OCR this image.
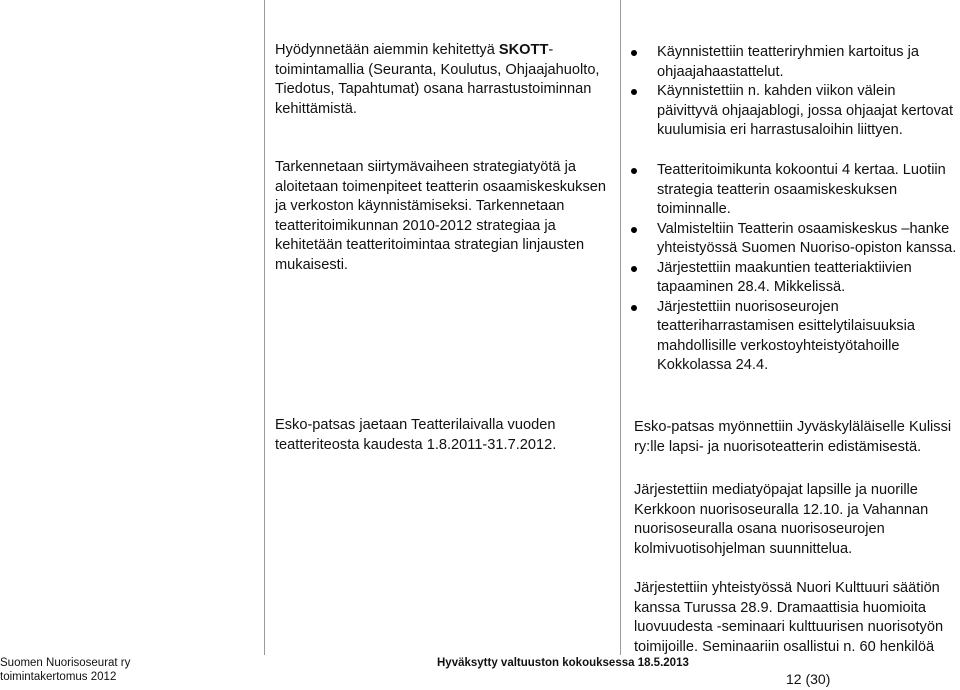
Hyödynnetään aiemmin kehitettyä SKOTT-
toimintamallia (Seuranta, Koulutus, Ohjaajahuolto,
Tiedotus, Tapahtumat) osana harrastustoiminnan
kehittämistä.
Tarkennetaan siirtymävaiheen strategiatyötä ja
aloitetaan toimenpiteet teatterin osaamiskeskuksen
ja verkoston käynnistämiseksi. Tarkennetaan
teatteritoimikunnan 2010-2012 strategiaa ja
kehitetään teatteritoimintaa strategian linjausten
mukaisesti.
Esko-patsas jaetaan Teatterilaivalla vuoden
teatteriteosta kaudesta 1.8.2011-31.7.2012.
Käynnistettiin teatteriryhmien kartoitus ja
ohjaajahaastattelut.
Käynnistettiin n. kahden viikon välein
päivittyvä ohjaajablogi, jossa ohjaajat kertovat
kuulumisia eri harrastusaloihin liittyen.
Teatteritoimikunta kokoontui 4 kertaa. Luotiin
strategia teatterin osaamiskeskuksen
toiminnalle.
Valmisteltiin Teatterin osaamiskeskus –hanke
yhteistyössä Suomen Nuoriso-opiston kanssa.
Järjestettiin maakuntien teatteriaktiivien
tapaaminen 28.4. Mikkelissä.
Järjestettiin nuorisoseurojen
teatteriharrastamisen esittelytilaisuuksia
mahdollisille verkostoyhteistyötahoille
Kokkolassa 24.4.
Esko-patsas myönnettiin Jyväskyläläiselle Kulissi
ry:lle lapsi- ja nuorisoteatterin edistämisestä.
Järjestettiin mediatyöpajat lapsille ja nuorille
Kerkkoon nuorisoseuralla 12.10. ja Vahannan
nuorisoseuralla osana nuorisoseurojen
kolmivuotisohjelman suunnittelua.
Järjestettiin yhteistyössä Nuori Kulttuuri säätiön
kanssa Turussa 28.9. Dramaattisia huomioita
luovuudesta -seminaari kulttuurisen nuorisotyön
toimijoille. Seminaariin osallistui n. 60 henkilöä
Suomen Nuorisoseurat ry
toimintakertomus 2012
Hyväksytty valtuuston kokouksessa 18.5.2013
12 (30)
